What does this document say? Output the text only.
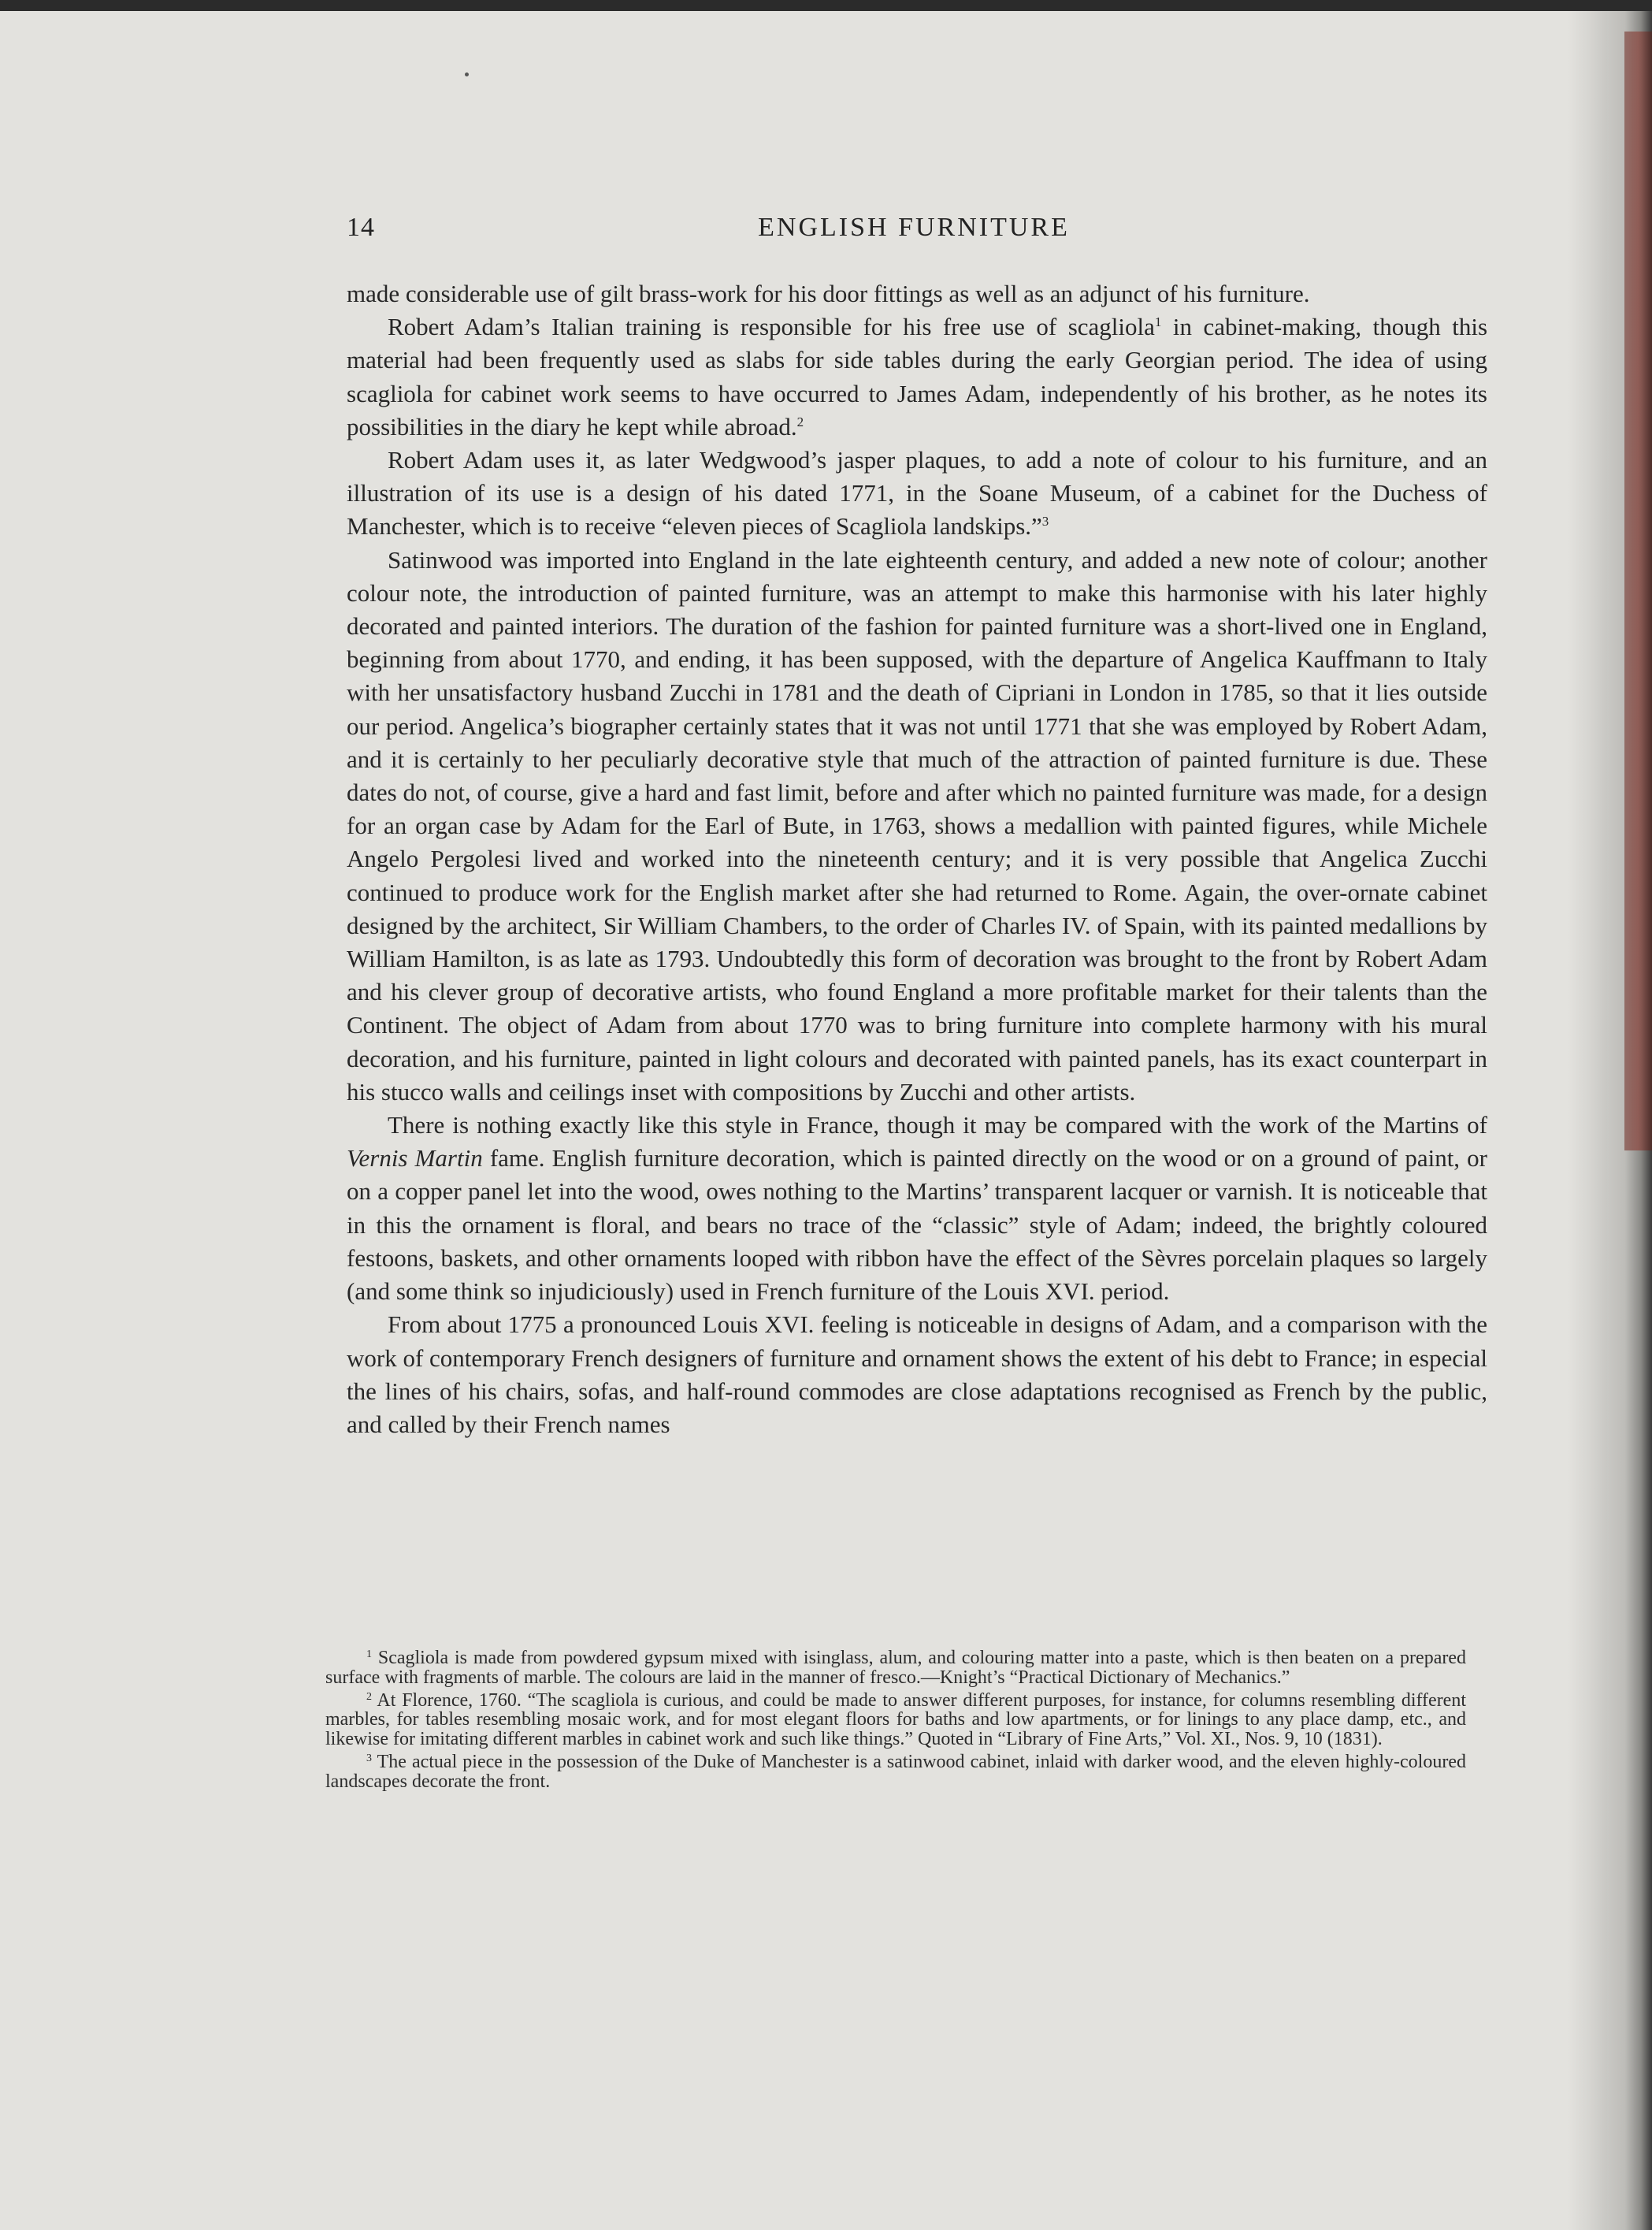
14	ENGLISH FURNITURE

made considerable use of gilt brass-work for his door fittings as well as an adjunct of his furniture.

Robert Adam’s Italian training is responsible for his free use of scagliola$^1$ in cabinet-making, though this material had been frequently used as slabs for side tables during the early Georgian period. The idea of using scagliola for cabinet work seems to have occurred to James Adam, independently of his brother, as he notes its possibilities in the diary he kept while abroad.$^2$

Robert Adam uses it, as later Wedgwood’s jasper plaques, to add a note of colour to his furniture, and an illustration of its use is a design of his dated 1771, in the Soane Museum, of a cabinet for the Duchess of Manchester, which is to receive “eleven pieces of Scagliola landskips.”$^3$

Satinwood was imported into England in the late eighteenth century, and added a new note of colour; another colour note, the introduction of painted furniture, was an attempt to make this harmonise with his later highly decorated and painted interiors. The duration of the fashion for painted furniture was a short-lived one in England, beginning from about 1770, and ending, it has been supposed, with the departure of Angelica Kauffmann to Italy with her unsatisfactory husband Zucchi in 1781 and the death of Cipriani in London in 1785, so that it lies outside our period. Angelica’s biographer certainly states that it was not until 1771 that she was employed by Robert Adam, and it is certainly to her peculiarly decorative style that much of the attraction of painted furniture is due. These dates do not, of course, give a hard and fast limit, before and after which no painted furniture was made, for a design for an organ case by Adam for the Earl of Bute, in 1763, shows a medallion with painted figures, while Michele Angelo Pergolesi lived and worked into the nineteenth century; and it is very possible that Angelica Zucchi continued to produce work for the English market after she had returned to Rome. Again, the over-ornate cabinet designed by the architect, Sir William Chambers, to the order of Charles IV. of Spain, with its painted medallions by William Hamilton, is as late as 1793. Undoubtedly this form of decoration was brought to the front by Robert Adam and his clever group of decorative artists, who found England a more profitable market for their talents than the Continent. The object of Adam from about 1770 was to bring furniture into complete harmony with his mural decoration, and his furniture, painted in light colours and decorated with painted panels, has its exact counterpart in his stucco walls and ceilings inset with compositions by Zucchi and other artists.

There is nothing exactly like this style in France, though it may be compared with the work of the Martins of Vernis Martin fame. English furniture decoration, which is painted directly on the wood or on a ground of paint, or on a copper panel let into the wood, owes nothing to the Martins’ transparent lacquer or varnish. It is noticeable that in this the ornament is floral, and bears no trace of the “classic” style of Adam; indeed, the brightly coloured festoons, baskets, and other ornaments looped with ribbon have the effect of the Sèvres porcelain plaques so largely (and some think so injudiciously) used in French furniture of the Louis XVI. period.

From about 1775 a pronounced Louis XVI. feeling is noticeable in designs of Adam, and a comparison with the work of contemporary French designers of furniture and ornament shows the extent of his debt to France; in especial the lines of his chairs, sofas, and half-round commodes are close adaptations recognised as French by the public, and called by their French names

$^1$ Scagliola is made from powdered gypsum mixed with isinglass, alum, and colouring matter into a paste, which is then beaten on a prepared surface with fragments of marble. The colours are laid in the manner of fresco.—Knight’s “Practical Dictionary of Mechanics.”

$^2$ At Florence, 1760. “The scagliola is curious, and could be made to answer different purposes, for instance, for columns resembling different marbles, for tables resembling mosaic work, and for most elegant floors for baths and low apartments, or for linings to any place damp, etc., and likewise for imitating different marbles in cabinet work and such like things.” Quoted in “Library of Fine Arts,” Vol. XI., Nos. 9, 10 (1831).

$^3$ The actual piece in the possession of the Duke of Manchester is a satinwood cabinet, inlaid with darker wood, and the eleven highly-coloured landscapes decorate the front.
